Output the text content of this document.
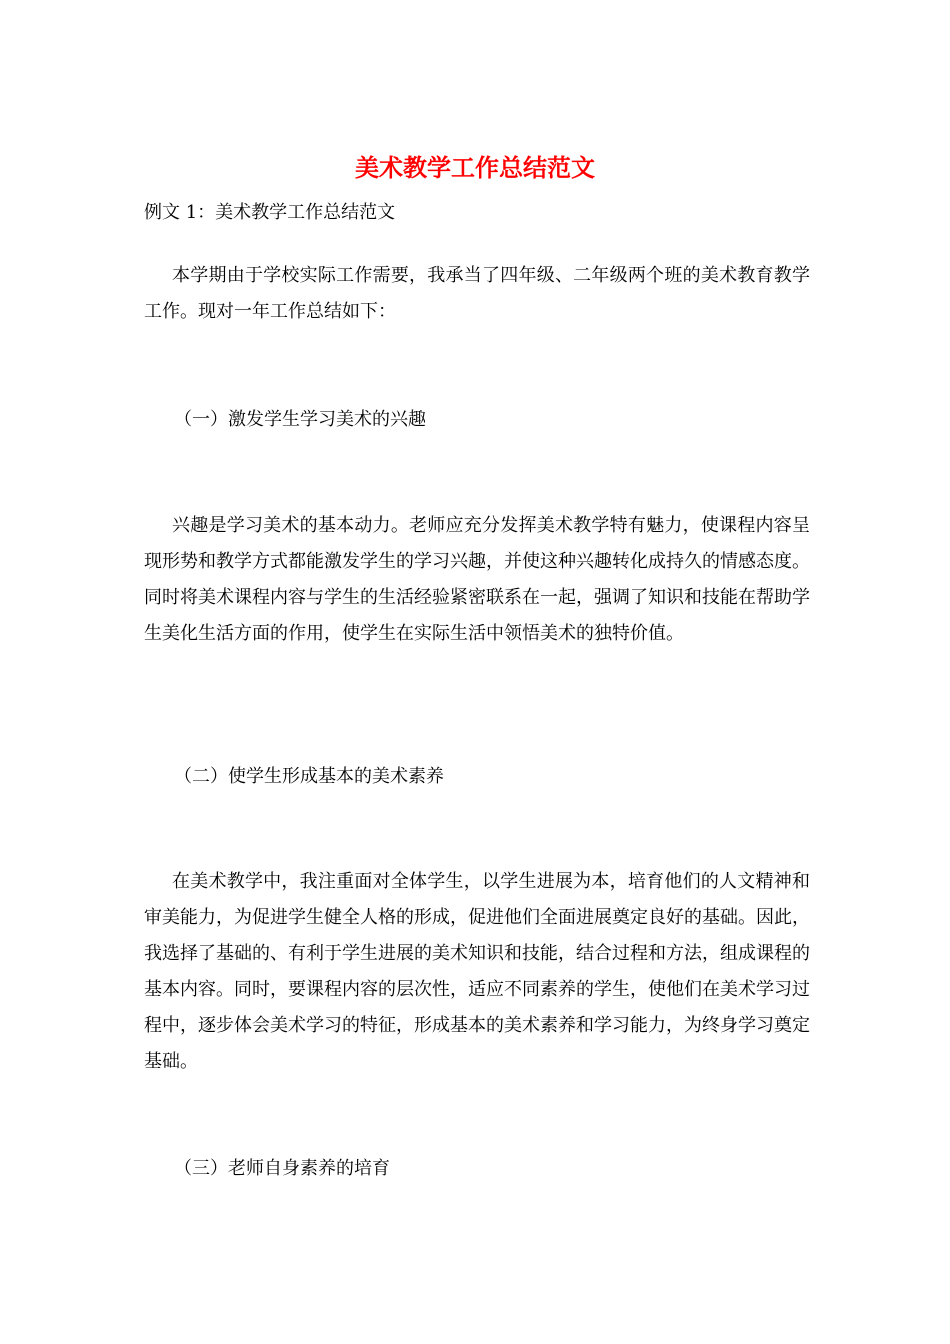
美术教学工作总结范文

例文 1：美术教学工作总结范文

本学期由于学校实际工作需要，我承当了四年级、二年级两个班的美术教育教学工作。现对一年工作总结如下：

（一）激发学生学习美术的兴趣

兴趣是学习美术的基本动力。老师应充分发挥美术教学特有魅力，使课程内容呈现形势和教学方式都能激发学生的学习兴趣，并使这种兴趣转化成持久的情感态度。同时将美术课程内容与学生的生活经验紧密联系在一起，强调了知识和技能在帮助学生美化生活方面的作用，使学生在实际生活中领悟美术的独特价值。

（二）使学生形成基本的美术素养

在美术教学中，我注重面对全体学生，以学生进展为本，培育他们的人文精神和审美能力，为促进学生健全人格的形成，促进他们全面进展奠定良好的基础。因此，我选择了基础的、有利于学生进展的美术知识和技能，结合过程和方法，组成课程的基本内容。同时，要课程内容的层次性，适应不同素养的学生，使他们在美术学习过程中，逐步体会美术学习的特征，形成基本的美术素养和学习能力，为终身学习奠定基础。

（三）老师自身素养的培育
